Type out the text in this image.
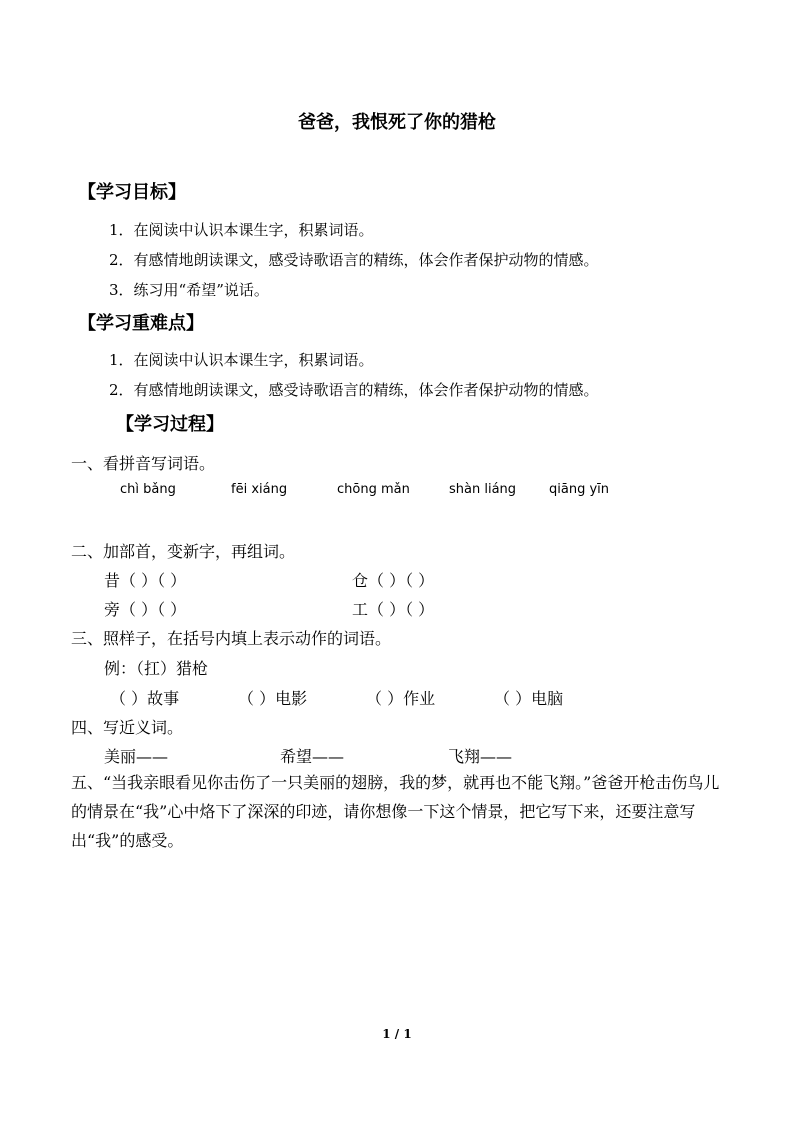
爸爸，我恨死了你的猎枪
【学习目标】
1．在阅读中认识本课生字，积累词语。
2．有感情地朗读课文，感受诗歌语言的精练，体会作者保护动物的情感。
3．练习用“希望”说话。
【学习重难点】
1．在阅读中认识本课生字，积累词语。
2．有感情地朗读课文，感受诗歌语言的精练，体会作者保护动物的情感。
【学习过程】
一、看拼音写词语。
chì bǎng	fēi xiáng	chōng mǎn	shàn liáng	qiāng yīn
二、加部首，变新字，再组词。
昔（ ）（ ）	仓（ ）（ ）
旁（ ）（ ）	工（ ）（ ）
三、照样子，在括号内填上表示动作的词语。
例：（扛）猎枪
（ ）故事	（ ）电影	（ ）作业	（ ）电脑
四、写近义词。
美丽——	希望——	飞翔——
五、“当我亲眼看见你击伤了一只美丽的翅膀，我的梦，就再也不能飞翔。”爸爸开枪击伤鸟儿的情景在“我”心中烙下了深深的印迹，请你想像一下这个情景，把它写下来，还要注意写出“我”的感受。
1 / 1
